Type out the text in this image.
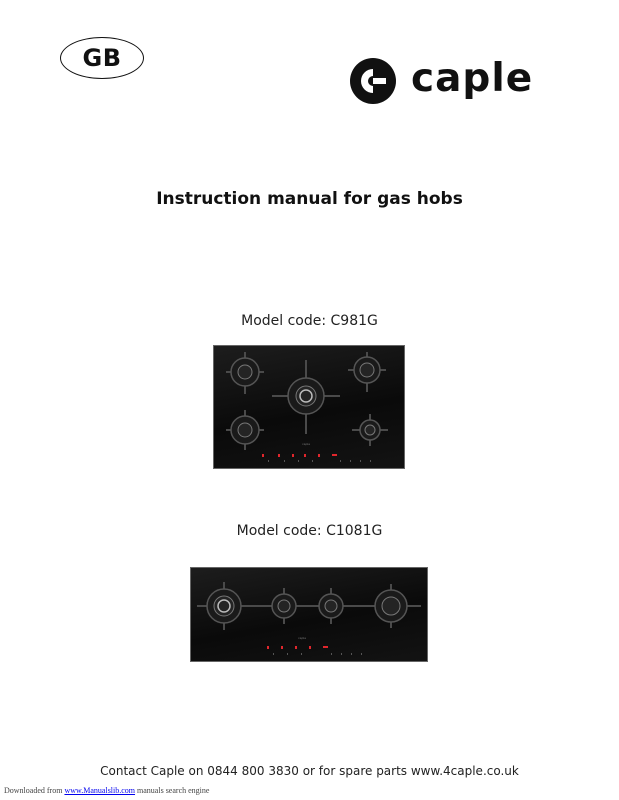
GB	caple
Instruction manual for gas hobs
Model code: C981G
caple
Model code: C1081G
caple
Contact Caple on 0844 800 3830 or for spare parts www.4caple.co.uk
Downloaded from www.Manualslib.com manuals search engine
